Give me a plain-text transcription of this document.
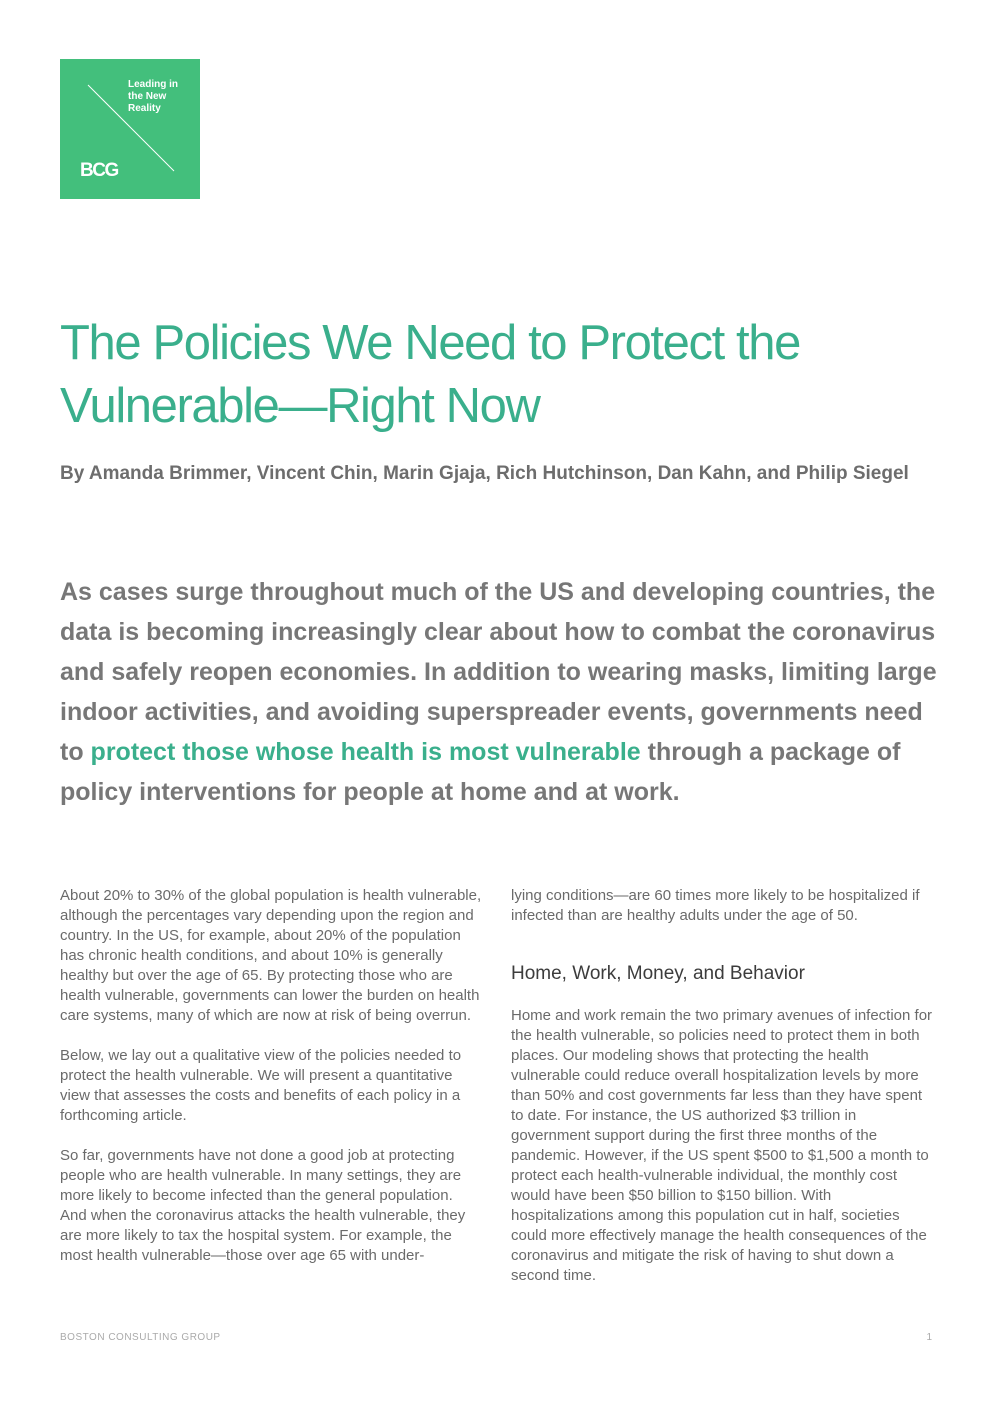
Leading in
the New
Reality
BCG
The Policies We Need to Protect the Vulnerable—Right Now

By Amanda Brimmer, Vincent Chin, Marin Gjaja, Rich Hutchinson, Dan Kahn, and Philip Siegel

As cases surge throughout much of the US and developing countries, the data is becoming increasingly clear about how to combat the coronavirus and safely reopen economies. In addition to wearing masks, limiting large indoor activities, and avoiding superspreader events, governments need to protect those whose health is most vulnerable through a package of policy interventions for people at home and at work.

About 20% to 30% of the global population is health vulnerable, although the percentages vary depending upon the region and country. In the US, for example, about 20% of the population has chronic health conditions, and about 10% is generally healthy but over the age of 65. By protecting those who are health vulnerable, governments can lower the burden on health care systems, many of which are now at risk of being overrun.

Below, we lay out a qualitative view of the policies needed to protect the health vulnerable. We will present a quantitative view that assesses the costs and benefits of each policy in a forthcoming article.

So far, governments have not done a good job at protecting people who are health vulnerable. In many settings, they are more likely to become infected than the general population. And when the coronavirus attacks the health vulnerable, they are more likely to tax the hospital system. For example, the most health vulnerable—those over age 65 with under-

lying conditions—are 60 times more likely to be hospitalized if infected than are healthy adults under the age of 50.

Home, Work, Money, and Behavior

Home and work remain the two primary avenues of infection for the health vulnerable, so policies need to protect them in both places. Our modeling shows that protecting the health vulnerable could reduce overall hospitalization levels by more than 50% and cost governments far less than they have spent to date. For instance, the US authorized $3 trillion in government support during the first three months of the pandemic. However, if the US spent $500 to $1,500 a month to protect each health-vulnerable individual, the monthly cost would have been $50 billion to $150 billion. With hospitalizations among this population cut in half, societies could more effectively manage the health consequences of the coronavirus and mitigate the risk of having to shut down a second time.

BOSTON CONSULTING GROUP	1
